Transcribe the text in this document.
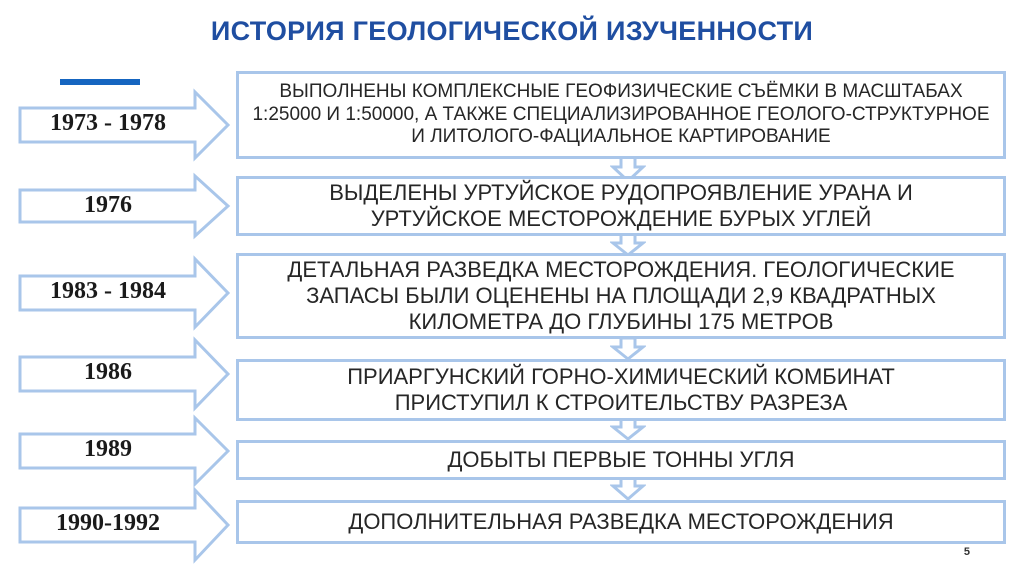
ИСТОРИЯ ГЕОЛОГИЧЕСКОЙ ИЗУЧЕННОСТИ
1973 - 1978
1976
1983 - 1984
1986
1989
1990-1992
ВЫПОЛНЕНЫ КОМПЛЕКСНЫЕ ГЕОФИЗИЧЕСКИЕ СЪЁМКИ В МАСШТАБАХ 1:25000 И 1:50000, А ТАКЖЕ СПЕЦИАЛИЗИРОВАННОЕ ГЕОЛОГО-СТРУКТУРНОЕ И ЛИТОЛОГО-ФАЦИАЛЬНОЕ КАРТИРОВАНИЕ
ВЫДЕЛЕНЫ УРТУЙСКОЕ РУДОПРОЯВЛЕНИЕ УРАНА И УРТУЙСКОЕ МЕСТОРОЖДЕНИЕ БУРЫХ УГЛЕЙ
ДЕТАЛЬНАЯ РАЗВЕДКА МЕСТОРОЖДЕНИЯ. ГЕОЛОГИЧЕСКИЕ ЗАПАСЫ БЫЛИ ОЦЕНЕНЫ НА ПЛОЩАДИ 2,9 КВАДРАТНЫХ КИЛОМЕТРА ДО ГЛУБИНЫ 175 МЕТРОВ
ПРИАРГУНСКИЙ ГОРНО-ХИМИЧЕСКИЙ КОМБИНАТ ПРИСТУПИЛ К СТРОИТЕЛЬСТВУ РАЗРЕЗА
ДОБЫТЫ ПЕРВЫЕ ТОННЫ УГЛЯ
ДОПОЛНИТЕЛЬНАЯ РАЗВЕДКА МЕСТОРОЖДЕНИЯ
5
